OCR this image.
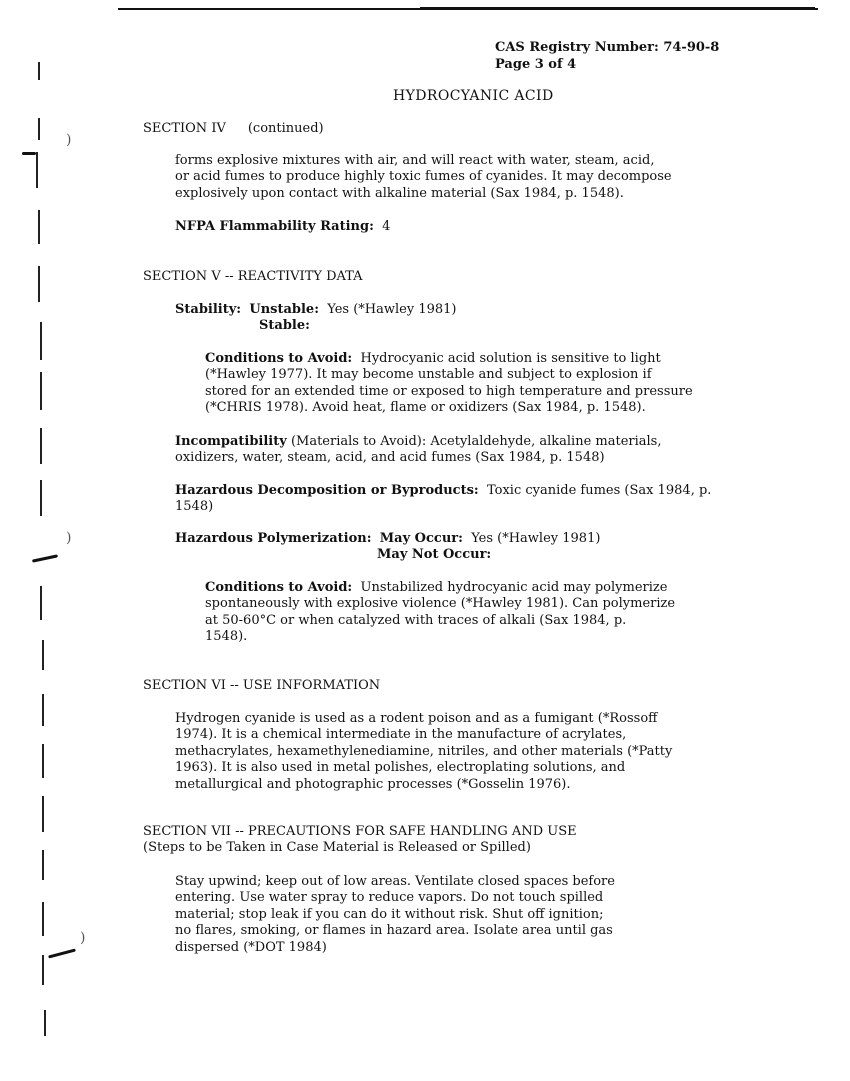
)
)
)
CAS Registry Number: 74-90-8
Page 3 of 4
HYDROCYANIC ACID
SECTION IV (continued)
forms explosive mixtures with air, and will react with water, steam, acid,
or acid fumes to produce highly toxic fumes of cyanides. It may decompose
explosively upon contact with alkaline material (Sax 1984, p. 1548).
NFPA Flammability Rating: 4
SECTION V -- REACTIVITY DATA
Stability: Unstable: Yes (*Hawley 1981)
Stable:
Conditions to Avoid: Hydrocyanic acid solution is sensitive to light
(*Hawley 1977). It may become unstable and subject to explosion if
stored for an extended time or exposed to high temperature and pressure
(*CHRIS 1978). Avoid heat, flame or oxidizers (Sax 1984, p. 1548).
Incompatibility (Materials to Avoid): Acetylaldehyde, alkaline materials,
oxidizers, water, steam, acid, and acid fumes (Sax 1984, p. 1548)
Hazardous Decomposition or Byproducts: Toxic cyanide fumes (Sax 1984, p.
1548)
Hazardous Polymerization: May Occur: Yes (*Hawley 1981)
May Not Occur:
Conditions to Avoid: Unstabilized hydrocyanic acid may polymerize
spontaneously with explosive violence (*Hawley 1981). Can polymerize
at 50-60°C or when catalyzed with traces of alkali (Sax 1984, p.
1548).
SECTION VI -- USE INFORMATION
Hydrogen cyanide is used as a rodent poison and as a fumigant (*Rossoff
1974). It is a chemical intermediate in the manufacture of acrylates,
methacrylates, hexamethylenediamine, nitriles, and other materials (*Patty
1963). It is also used in metal polishes, electroplating solutions, and
metallurgical and photographic processes (*Gosselin 1976).
SECTION VII -- PRECAUTIONS FOR SAFE HANDLING AND USE
(Steps to be Taken in Case Material is Released or Spilled)
Stay upwind; keep out of low areas. Ventilate closed spaces before
entering. Use water spray to reduce vapors. Do not touch spilled
material; stop leak if you can do it without risk. Shut off ignition;
no flares, smoking, or flames in hazard area. Isolate area until gas
dispersed (*DOT 1984)
